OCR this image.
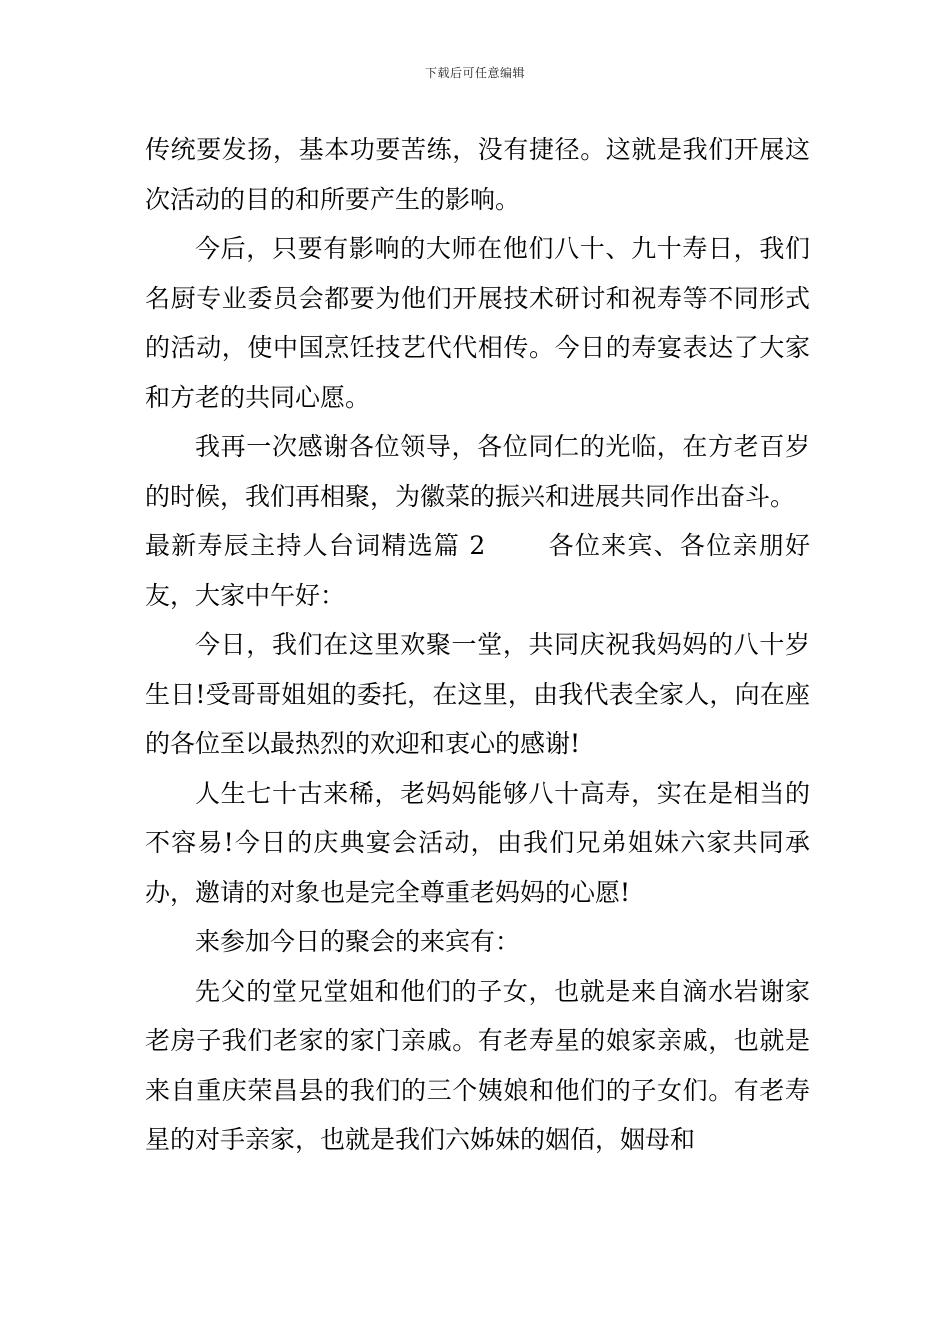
下载后可任意编辑

传统要发扬，基本功要苦练，没有捷径。这就是我们开展这次活动的目的和所要产生的影响。

今后，只要有影响的大师在他们八十、九十寿日，我们名厨专业委员会都要为他们开展技术研讨和祝寿等不同形式的活动，使中国烹饪技艺代代相传。今日的寿宴表达了大家和方老的共同心愿。

我再一次感谢各位领导，各位同仁的光临，在方老百岁的时候，我们再相聚，为徽菜的振兴和进展共同作出奋斗。

最新寿辰主持人台词精选篇 2 各位来宾、各位亲朋好友，大家中午好：

今日，我们在这里欢聚一堂，共同庆祝我妈妈的八十岁生日!受哥哥姐姐的委托，在这里，由我代表全家人，向在座的各位至以最热烈的欢迎和衷心的感谢!

人生七十古来稀，老妈妈能够八十高寿，实在是相当的不容易!今日的庆典宴会活动，由我们兄弟姐妹六家共同承办，邀请的对象也是完全尊重老妈妈的心愿!

来参加今日的聚会的来宾有：

先父的堂兄堂姐和他们的子女，也就是来自滴水岩谢家老房子我们老家的家门亲戚。有老寿星的娘家亲戚，也就是来自重庆荣昌县的我们的三个姨娘和他们的子女们。有老寿星的对手亲家，也就是我们六姊妹的姻佰，姻母和
